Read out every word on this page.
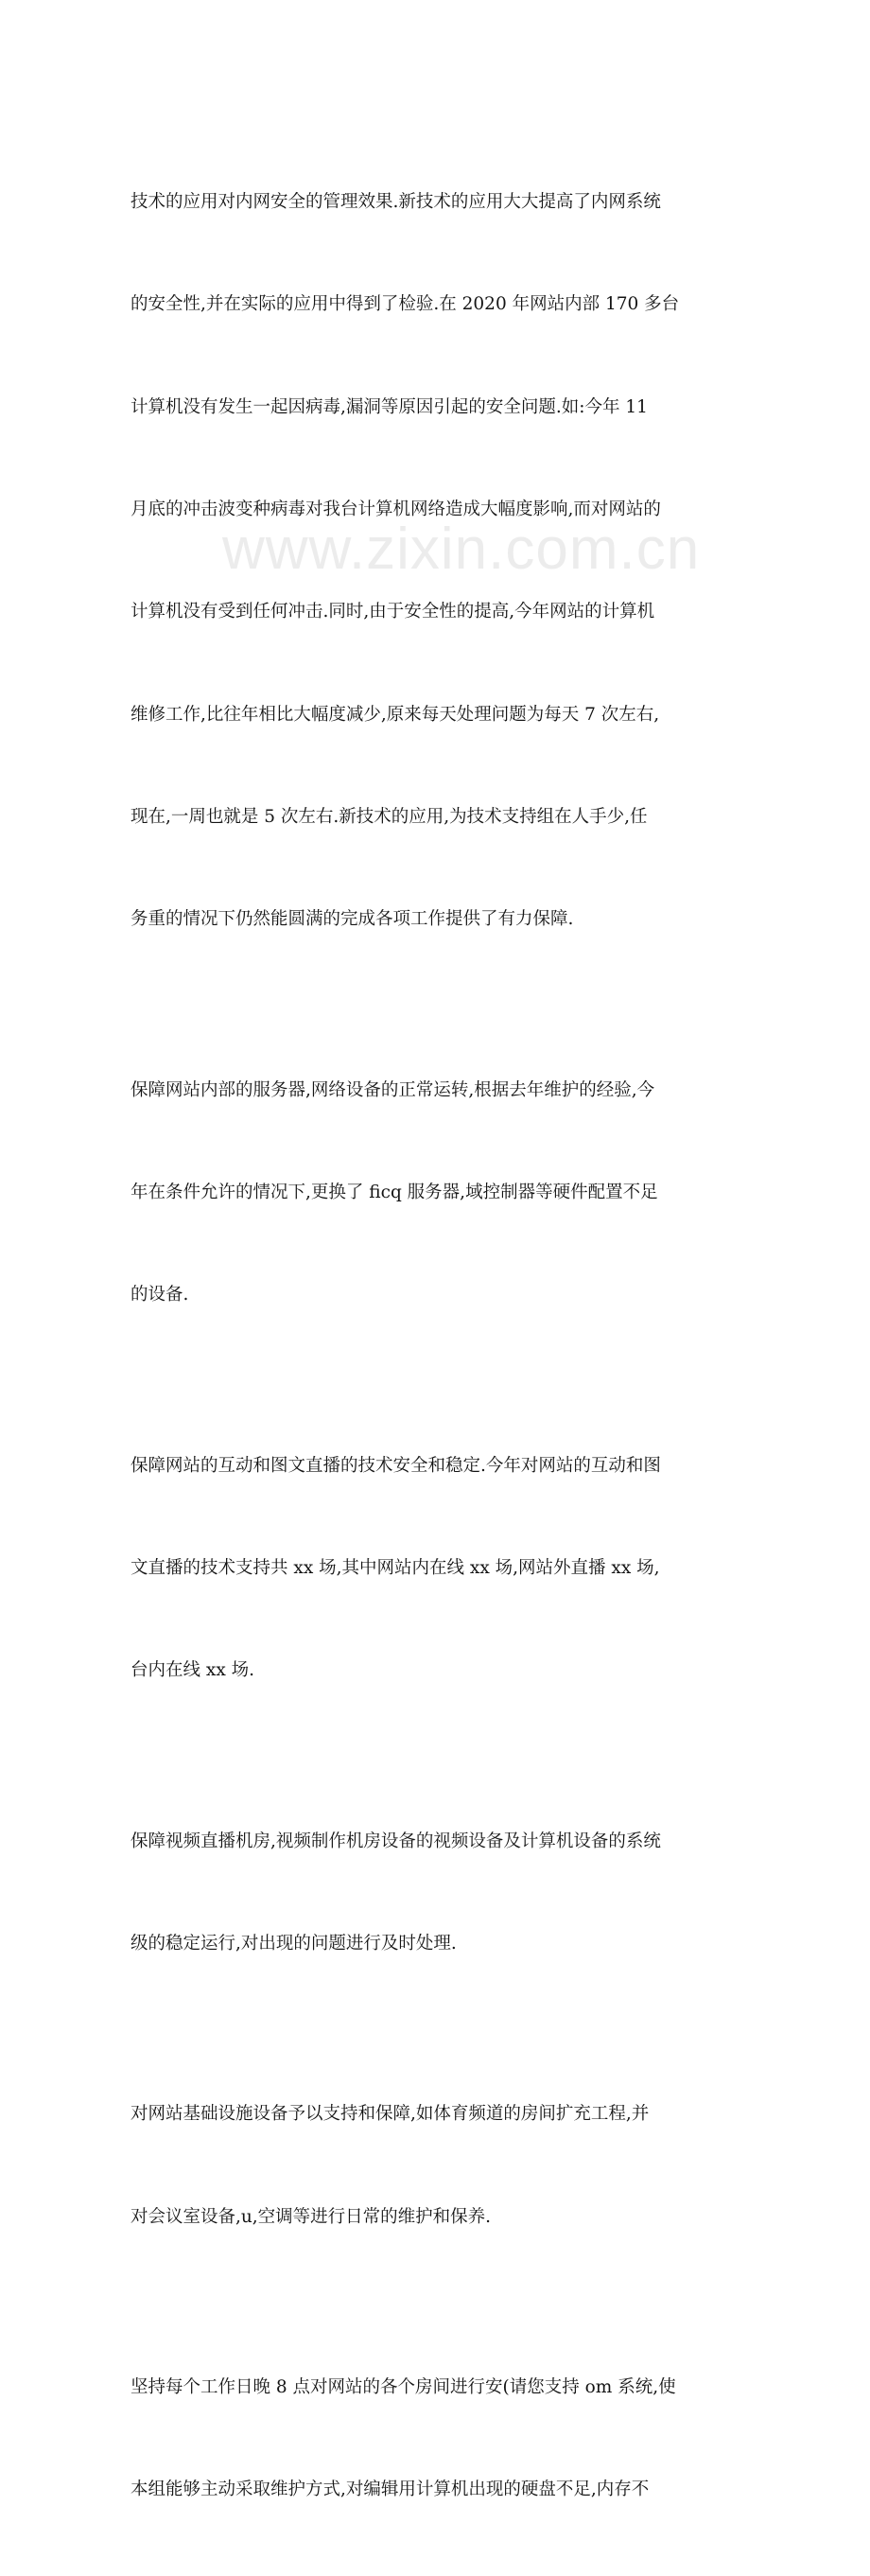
www.zixin.com.cn

技术的应用对内网安全的管理效果.新技术的应用大大提高了内网系统

的安全性,并在实际的应用中得到了检验.在 2020 年网站内部 170 多台

计算机没有发生一起因病毒,漏洞等原因引起的安全问题.如:今年 11

月底的冲击波变种病毒对我台计算机网络造成大幅度影响,而对网站的

计算机没有受到任何冲击.同时,由于安全性的提高,今年网站的计算机

维修工作,比往年相比大幅度减少,原来每天处理问题为每天 7 次左右,

现在,一周也就是 5 次左右.新技术的应用,为技术支持组在人手少,任

务重的情况下仍然能圆满的完成各项工作提供了有力保障.

保障网站内部的服务器,网络设备的正常运转,根据去年维护的经验,今

年在条件允许的情况下,更换了 ficq 服务器,域控制器等硬件配置不足

的设备.

保障网站的互动和图文直播的技术安全和稳定.今年对网站的互动和图

文直播的技术支持共 xx 场,其中网站内在线 xx 场,网站外直播 xx 场,

台内在线 xx 场.

保障视频直播机房,视频制作机房设备的视频设备及计算机设备的系统

级的稳定运行,对出现的问题进行及时处理.

对网站基础设施设备予以支持和保障,如体育频道的房间扩充工程,并

对会议室设备,u,空调等进行日常的维护和保养.

坚持每个工作日晚 8 点对网站的各个房间进行安(请您支持 om 系统,使

本组能够主动采取维护方式,对编辑用计算机出现的硬盘不足,内存不
